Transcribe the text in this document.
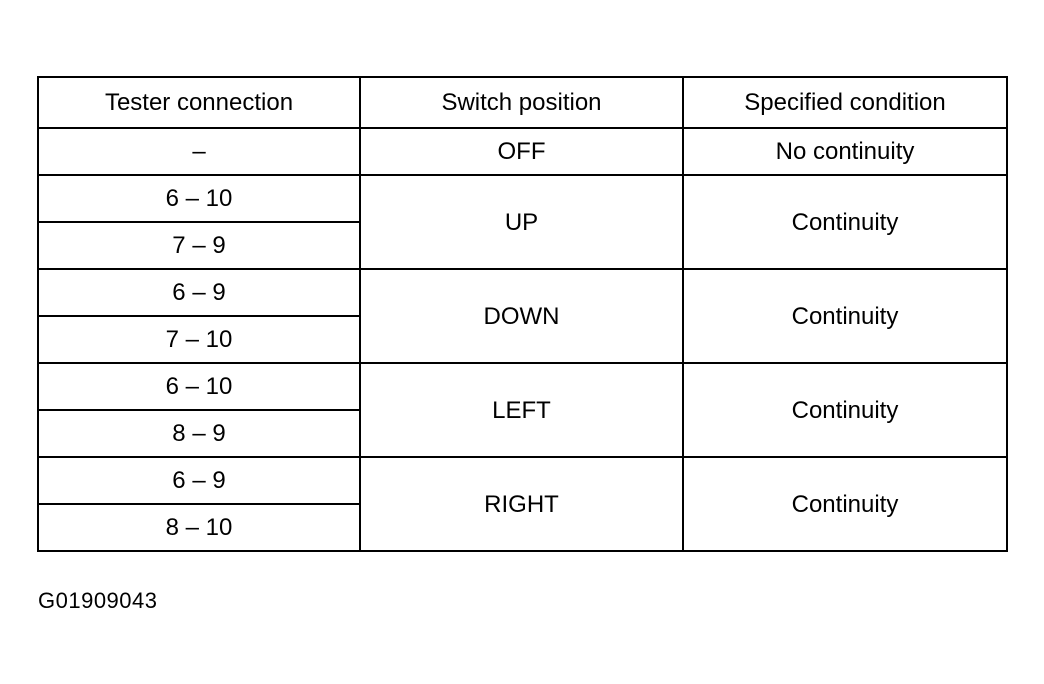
Tester connection	Switch position	Specified condition
–	OFF	No continuity
6 – 10	UP	Continuity
7 – 9		
6 – 9	DOWN	Continuity
7 – 10		
6 – 10	LEFT	Continuity
8 – 9		
6 – 9	RIGHT	Continuity
8 – 10		
G01909043
